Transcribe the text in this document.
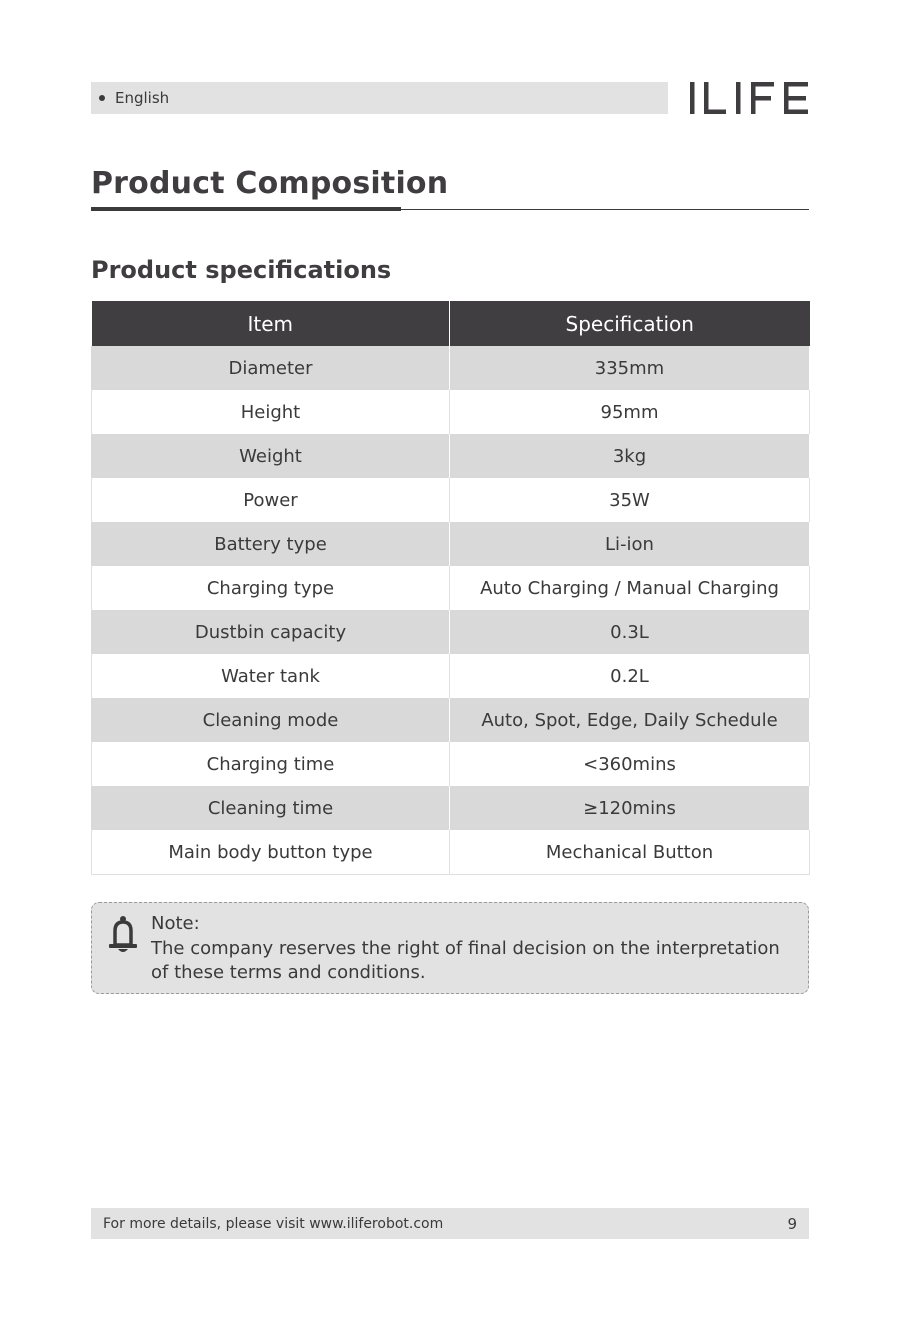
English
Product Composition
Product specifications
Item	Specification
Diameter	335mm
Height	95mm
Weight	3kg
Power	35W
Battery type	Li-ion
Charging type	Auto Charging / Manual Charging
Dustbin capacity	0.3L
Water tank	0.2L
Cleaning mode	Auto, Spot, Edge, Daily Schedule
Charging time	<360mins
Cleaning time	≥120mins
Main body button type	Mechanical Button
Note:
The company reserves the right of final decision on the interpretation of these terms and conditions.
For more details, please visit www.iliferobot.com	9
